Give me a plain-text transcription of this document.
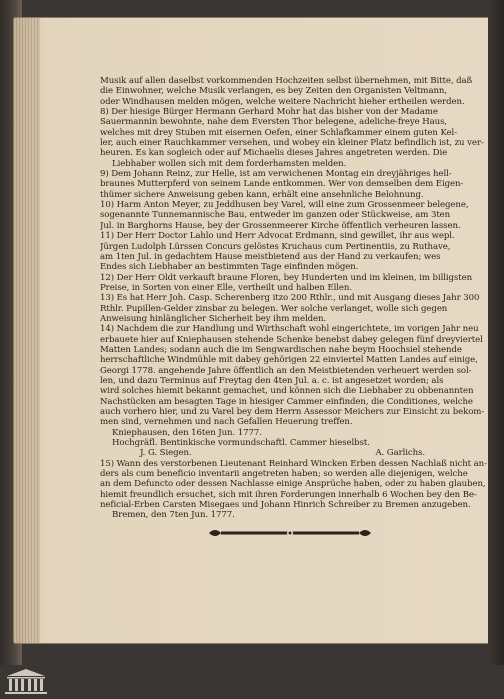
Musik auf allen daselbst vorkommenden Hochzeiten selbst übernehmen, mit Bitte, daß
die Einwohner, welche Musik verlangen, es bey Zeiten den Organisten Veltmann,
oder Windhausen melden mögen, welche weitere Nachricht hieher ertheilen werden.
8) Der hiesige Bürger Hermann Gerhard Mohr hat das bisher von der Madame
Sauermannin bewohnte, nahe dem Eversten Thor belegene, adeliche-freye Haus,
welches mit drey Stuben mit eisernen Oefen, einer Schlafkammer einem guten Kel-
ler, auch einer Rauchkammer versehen, und wobey ein kleiner Platz befindlich ist, zu ver-
heuren. Es kan sogleich oder auf Michaelis dieses Jahres angetreten werden. Die
Liebhaber wollen sich mit dem forderhamsten melden.
9) Dem Johann Reinz, zur Helle, ist am verwichenen Montag ein dreyjähriges hell-
braunes Mutterpferd von seinem Lande entkommen. Wer von demselben dem Eigen-
thümer sichere Anweisung geben kann, erhält eine ansehnliche Belohnung.
10) Harm Anton Meyer, zu Jeddhusen bey Varel, will eine zum Grossenmeer belegene,
sogenannte Tunnemannische Bau, entweder im ganzen oder Stückweise, am 3ten
Jul. in Barghorns Hause, bey der Grossenmeerer Kirche öffentlich verheuren lassen.
11) Der Herr Doctor Lahlo und Herr Advocat Erdmann, sind gewillet, ihr aus wepl.
Jürgen Ludolph Lürssen Concurs gelöstes Kruchaus cum Pertinentiis, zu Ruthave,
am 1ten Jul. in gedachtem Hause meistbietend aus der Hand zu verkaufen; wes
Endes sich Liebhaber an bestimmten Tage einfinden mögen.
12) Der Herr Oldt verkauft braune Floren, bey Hunderten und im kleinen, im billigsten
Preise, in Sorten von einer Elle, vertheilt und halben Ellen.
13) Es hat Herr Joh. Casp. Scherenberg itzo 200 Rthlr., und mit Ausgang dieses Jahr 300
Rthlr. Pupillen-Gelder zinsbar zu belegen. Wer solche verlanget, wolle sich gegen
Anweisung hinlänglicher Sicherheit bey ihm melden.
14) Nachdem die zur Handlung und Wirthschaft wohl eingerichtete, im vorigen Jahr neu
erbauete hier auf Kniephausen stehende Schenke benebst dabey gelegen fünf dreyviertel
Matten Landes; sodann auch die im Sengwardischen nahe beym Hoochsiel stehende
herrschaftliche Windmühle mit dabey gehörigen 22 einviertel Matten Landes auf einige,
Georgi 1778. angehende Jahre öffentlich an den Meistbietenden verheuert werden sol-
len, und dazu Terminus auf Freytag den 4ten Jul. a. c. ist angesetzet worden; als
wird solches hiemit bekannt gemachet, und können sich die Liebhaber zu obbenannten
Nachstücken am besagten Tage in hiesiger Cammer einfinden, die Conditiones, welche
auch vorhero hier, und zu Varel bey dem Herrn Assessor Meichers zur Einsicht zu bekom-
men sind, vernehmen und nach Gefallen Heuerung treffen.
Kniephausen, den 16ten Jun. 1777.
Hochgräfl. Bentinkische vormundschaftl. Cammer hieselbst.
J. G. Siegen.	A. Garlichs.
15) Wann des verstorbenen Lieutenant Reinhard Wincken Erben dessen Nachlaß nicht an-
ders als cum beneficio inventarii angetreten haben; so werden alle diejenigen, welche
an dem Defuncto oder dessen Nachlasse einige Ansprüche haben, oder zu haben glauben,
hiemit freundlich ersuchet, sich mit ihren Forderungen innerhalb 6 Wochen bey den Be-
neficial-Erben Carsten Misegaes und Johann Hinrich Schreiber zu Bremen anzugeben.
Bremen, den 7ten Jun. 1777.
